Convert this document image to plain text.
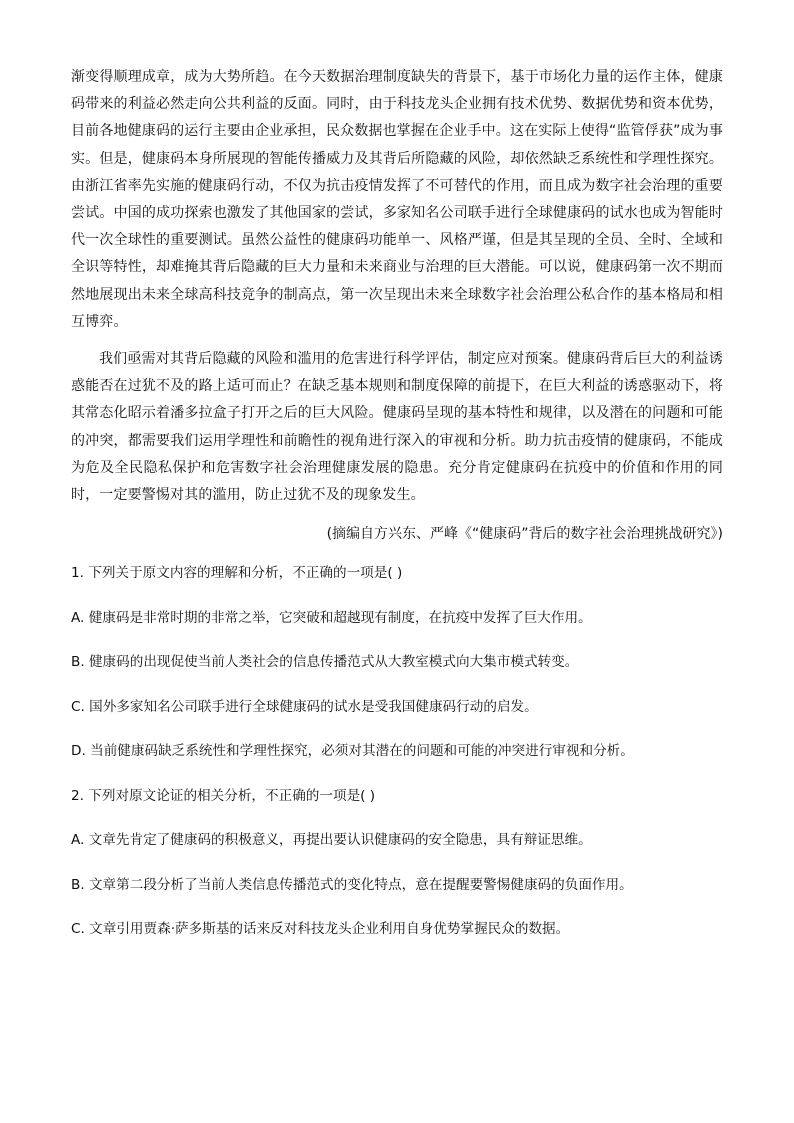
渐变得顺理成章，成为大势所趋。在今天数据治理制度缺失的背景下，基于市场化力量的运作主体，健康码带来的利益必然走向公共利益的反面。同时，由于科技龙头企业拥有技术优势、数据优势和资本优势，目前各地健康码的运行主要由企业承担，民众数据也掌握在企业手中。这在实际上使得“监管俘获”成为事实。但是，健康码本身所展现的智能传播威力及其背后所隐藏的风险，却依然缺乏系统性和学理性探究。由浙江省率先实施的健康码行动，不仅为抗击疫情发挥了不可替代的作用，而且成为数字社会治理的重要尝试。中国的成功探索也激发了其他国家的尝试，多家知名公司联手进行全球健康码的试水也成为智能时代一次全球性的重要测试。虽然公益性的健康码功能单一、风格严谨，但是其呈现的全员、全时、全域和全识等特性，却难掩其背后隐藏的巨大力量和未来商业与治理的巨大潜能。可以说，健康码第一次不期而然地展现出未来全球高科技竞争的制高点，第一次呈现出未来全球数字社会治理公私合作的基本格局和相互博弈。

我们亟需对其背后隐藏的风险和滥用的危害进行科学评估，制定应对预案。健康码背后巨大的利益诱惑能否在过犹不及的路上适可而止？在缺乏基本规则和制度保障的前提下，在巨大利益的诱惑驱动下，将其常态化昭示着潘多拉盒子打开之后的巨大风险。健康码呈现的基本特性和规律，以及潜在的问题和可能的冲突，都需要我们运用学理性和前瞻性的视角进行深入的审视和分析。助力抗击疫情的健康码，不能成为危及全民隐私保护和危害数字社会治理健康发展的隐患。充分肯定健康码在抗疫中的价值和作用的同时，一定要警惕对其的滥用，防止过犹不及的现象发生。

(摘编自方兴东、严峰《“健康码”背后的数字社会治理挑战研究》)

1. 下列关于原文内容的理解和分析，不正确的一项是( )

A. 健康码是非常时期的非常之举，它突破和超越现有制度，在抗疫中发挥了巨大作用。

B. 健康码的出现促使当前人类社会的信息传播范式从大教室模式向大集市模式转变。

C. 国外多家知名公司联手进行全球健康码的试水是受我国健康码行动的启发。

D. 当前健康码缺乏系统性和学理性探究，必须对其潜在的问题和可能的冲突进行审视和分析。

2. 下列对原文论证的相关分析，不正确的一项是( )

A. 文章先肯定了健康码的积极意义，再提出要认识健康码的安全隐患，具有辩证思维。

B. 文章第二段分析了当前人类信息传播范式的变化特点，意在提醒要警惕健康码的负面作用。

C. 文章引用贾森·萨多斯基的话来反对科技龙头企业利用自身优势掌握民众的数据。
